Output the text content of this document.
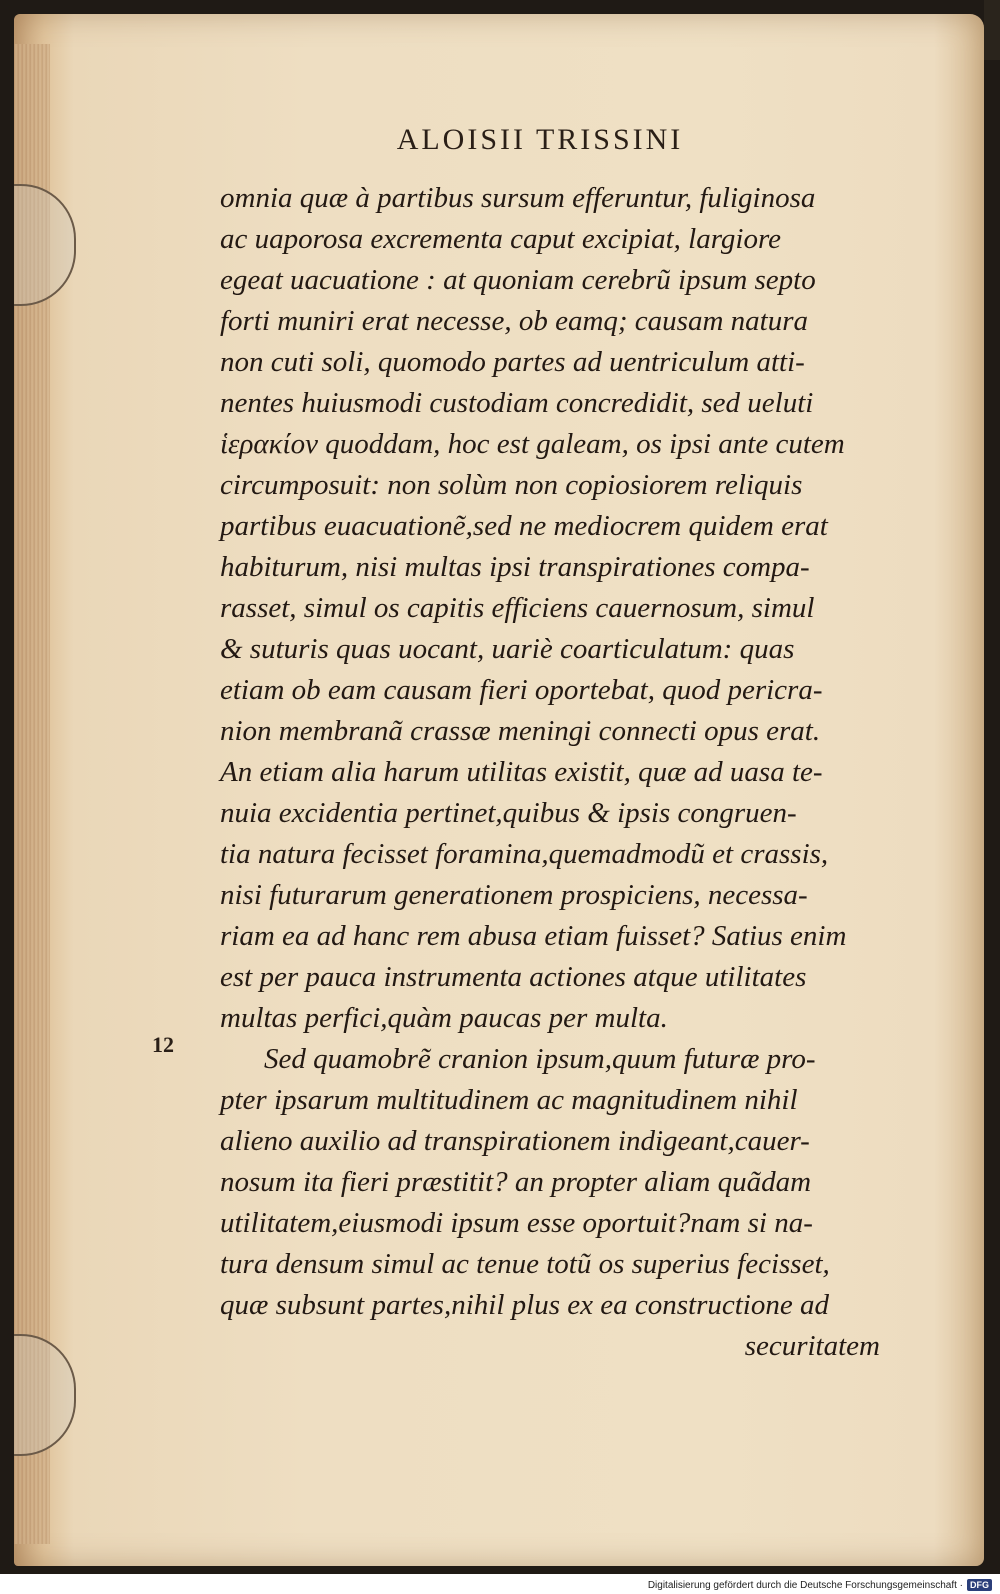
ALOISII TRISSINI
12
omnia quæ à partibus sursum efferuntur, fuliginosa
ac uaporosa excrementa caput excipiat, largiore
egeat uacuatione : at quoniam cerebrũ ipsum septo
forti muniri erat necesse, ob eamq; causam natura
non cuti soli, quomodo partes ad uentriculum atti-
nentes huiusmodi custodiam concredidit, sed ueluti
ἱερακίον quoddam, hoc est galeam, os ipsi ante cutem
circumposuit: non solùm non copiosiorem reliquis
partibus euacuationẽ,sed ne mediocrem quidem erat
habiturum, nisi multas ipsi transpirationes compa-
rasset, simul os capitis efficiens cauernosum, simul
& suturis quas uocant, uariè coarticulatum: quas
etiam ob eam causam fieri oportebat, quod pericra-
nion membranã crassæ meningi connecti opus erat.
An etiam alia harum utilitas existit, quæ ad uasa te-
nuia excidentia pertinet,quibus & ipsis congruen-
tia natura fecisset foramina,quemadmodũ et crassis,
nisi futurarum generationem prospiciens, necessa-
riam ea ad hanc rem abusa etiam fuisset? Satius enim
est per pauca instrumenta actiones atque utilitates
multas perfici,quàm paucas per multa.
Sed quamobrẽ cranion ipsum,quum futuræ pro-
pter ipsarum multitudinem ac magnitudinem nihil
alieno auxilio ad transpirationem indigeant,cauer-
nosum ita fieri præstitit? an propter aliam quãdam
utilitatem,eiusmodi ipsum esse oportuit?nam si na-
tura densum simul ac tenue totũ os superius fecisset,
quæ subsunt partes,nihil plus ex ea constructione ad
securitatem
Digitalisierung gefördert durch die Deutsche Forschungsgemeinschaft · DFG
